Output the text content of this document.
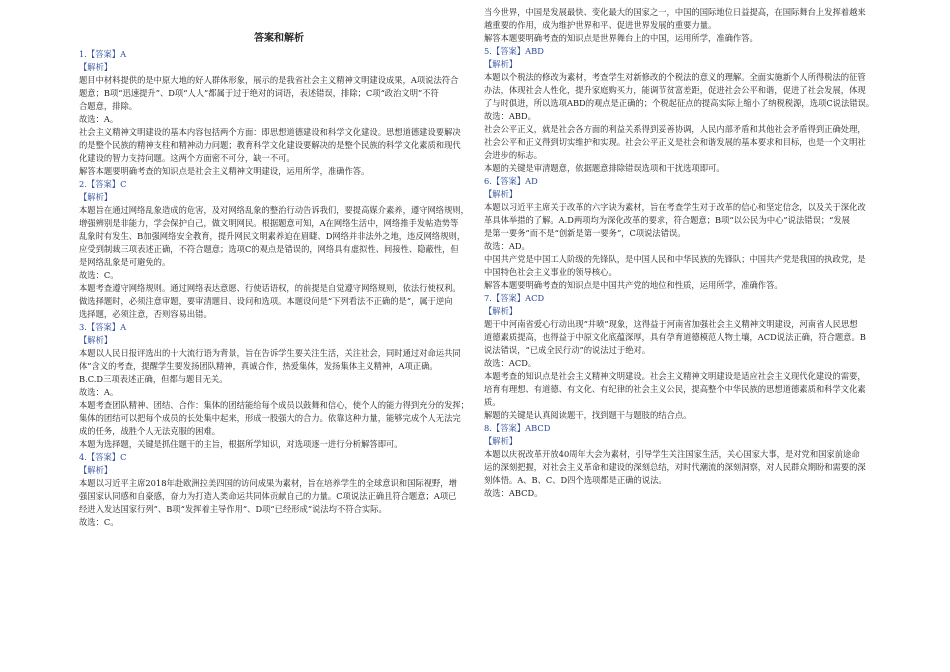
答案和解析
1.【答案】A
【解析】
题目中材料提供的是中原大地的好人群体形象，展示的是我省社会主义精神文明建设成果，A项说法符合
题意；B项“迅速提升”、D项“人人”都属于过于绝对的词语，表述错误，排除；C项“政治文明”不符
合题意，排除。
故选：A。
社会主义精神文明建设的基本内容包括两个方面：即思想道德建设和科学文化建设。思想道德建设要解决
的是整个民族的精神支柱和精神动力问题；教育科学文化建设要解决的是整个民族的科学文化素质和现代
化建设的智力支持问题。这两个方面密不可分，缺一不可。
解答本题要明确考查的知识点是社会主义精神文明建设，运用所学，准确作答。
2.【答案】C
【解析】
本题旨在通过网络乱象造成的危害，及对网络乱象的整治行动告诉我们，要提高媒介素养，遵守网络规则，
增强辨别是非能力，学会保护自己，做文明网民。根据题意可知，A在网络生活中，网络推手发帖造势等
乱象时有发生、B加强网络安全教育，提升网民文明素养迫在眉睫、D网络并非法外之地，违反网络规则，
应受到制裁三项表述正确，不符合题意；选项C的观点是错误的，网络具有虚拟性、间接性、隐蔽性，但
是网络乱象是可避免的。
故选：C。
本题考查遵守网络规则。通过网络表达意愿、行使话语权，的前提是自觉遵守网络规则，依法行使权利。
做选择题时，必须注意审题，要审清题目、设问和选项。本题设问是“下列看法不正确的是”，属于逆向
选择题，必须注意，否则容易出错。
3.【答案】A
【解析】
本题以人民日报评选出的十大流行语为背景，旨在告诉学生要关注生活，关注社会，同时通过对命运共同
体”含义的考查，提醒学生要发扬团队精神，真诚合作，热爱集体，发扬集体主义精神，A项正确。
B.C.D三项表述正确，但都与题目无关。
故选：A。
本题考查团队精神、团结、合作：集体的团结能给每个成员以鼓舞和信心，使个人的能力得到充分的发挥；
集体的团结可以把每个成员的长处集中起来，形成一股强大的合力。依靠这种力量，能够完成个人无法完
成的任务，战胜个人无法克服的困难。
本题为选择题，关键是抓住题干的主旨，根据所学知识，对选项逐一进行分析解答即可。
4.【答案】C
【解析】
本题以习近平主席2018年赴欧洲拉美四国的访问成果为素材，旨在培养学生的全球意识和国际视野，增
强国家认同感和自豪感，奋力为打造人类命运共同体贡献自己的力量。C项说法正确且符合题意；A项已
经进入发达国家行列”、B项“发挥着主导作用”、D项“已经形成”说法均不符合实际。
故选：C。
当今世界，中国是发展最快、变化最大的国家之一，中国的国际地位日益提高，在国际舞台上发挥着越来
越重要的作用，成为维护世界和平、促进世界发展的重要力量。
解答本题要明确考查的知识点是世界舞台上的中国，运用所学，准确作答。
5.【答案】ABD
【解析】
本题以个税法的修改为素材，考查学生对新修改的个税法的意义的理解。全面实施新个人所得税法的征管
办法，体现社会人性化，提升家庭购买力，能调节贫富差距，促进社会公平和谐，促进了社会发展，体现
了与时俱进，所以选项ABD的观点是正确的；个税起征点的提高实际上缩小了纳税税源，选项C说法错误。
故选：ABD。
社会公平正义，就是社会各方面的利益关系得到妥善协调，人民内部矛盾和其他社会矛盾得到正确处理，
社会公平和正义得到切实维护和实现。社会公平正义是社会和谐发展的基本要求和目标，也是一个文明社
会进步的标志。
本题的关键是审清题意，依据题意排除错误选项和干扰选项即可。
6.【答案】AD
【解析】
本题以习近平主席关于改革的六字诀为素材，旨在考查学生对于改革的信心和坚定信念，以及关于深化改
革具体举措的了解。A.D两项均为深化改革的要求，符合题意；B项“以公民为中心”说法错误；“发展
是第一要务”而不是“创新是第一要务”，C项说法错误。
故选：AD。
中国共产党是中国工人阶级的先锋队，是中国人民和中华民族的先锋队；中国共产党是我国的执政党，是
中国特色社会主义事业的领导核心。
解答本题要明确考查的知识点是中国共产党的地位和性质，运用所学，准确作答。
7.【答案】ACD
【解析】
题干中河南省爱心行动出现“井喷”现象，这得益于河南省加强社会主义精神文明建设，河南省人民思想
道德素质提高，也得益于中原文化底蕴深厚，具有孕育道德模范人物土壤，ACD说法正确，符合题意。B
说法错误，“已成全民行动”的说法过于绝对。
故选：ACD。
本题考查的知识点是社会主义精神文明建设。社会主义精神文明建设是适应社会主义现代化建设的需要，
培育有理想、有道德、有文化、有纪律的社会主义公民，提高整个中华民族的思想道德素质和科学文化素
质。
解题的关键是认真阅读题干，找到题干与题肢的结合点。
8.【答案】ABCD
【解析】
本题以庆祝改革开放40周年大会为素材，引导学生关注国家生活，关心国家大事，是对党和国家前途命
运的深刻把握，对社会主义革命和建设的深刻总结，对时代潮流的深刻洞察，对人民群众期盼和需要的深
刻体悟。A、B、C、D四个选项都是正确的说法。
故选：ABCD。
